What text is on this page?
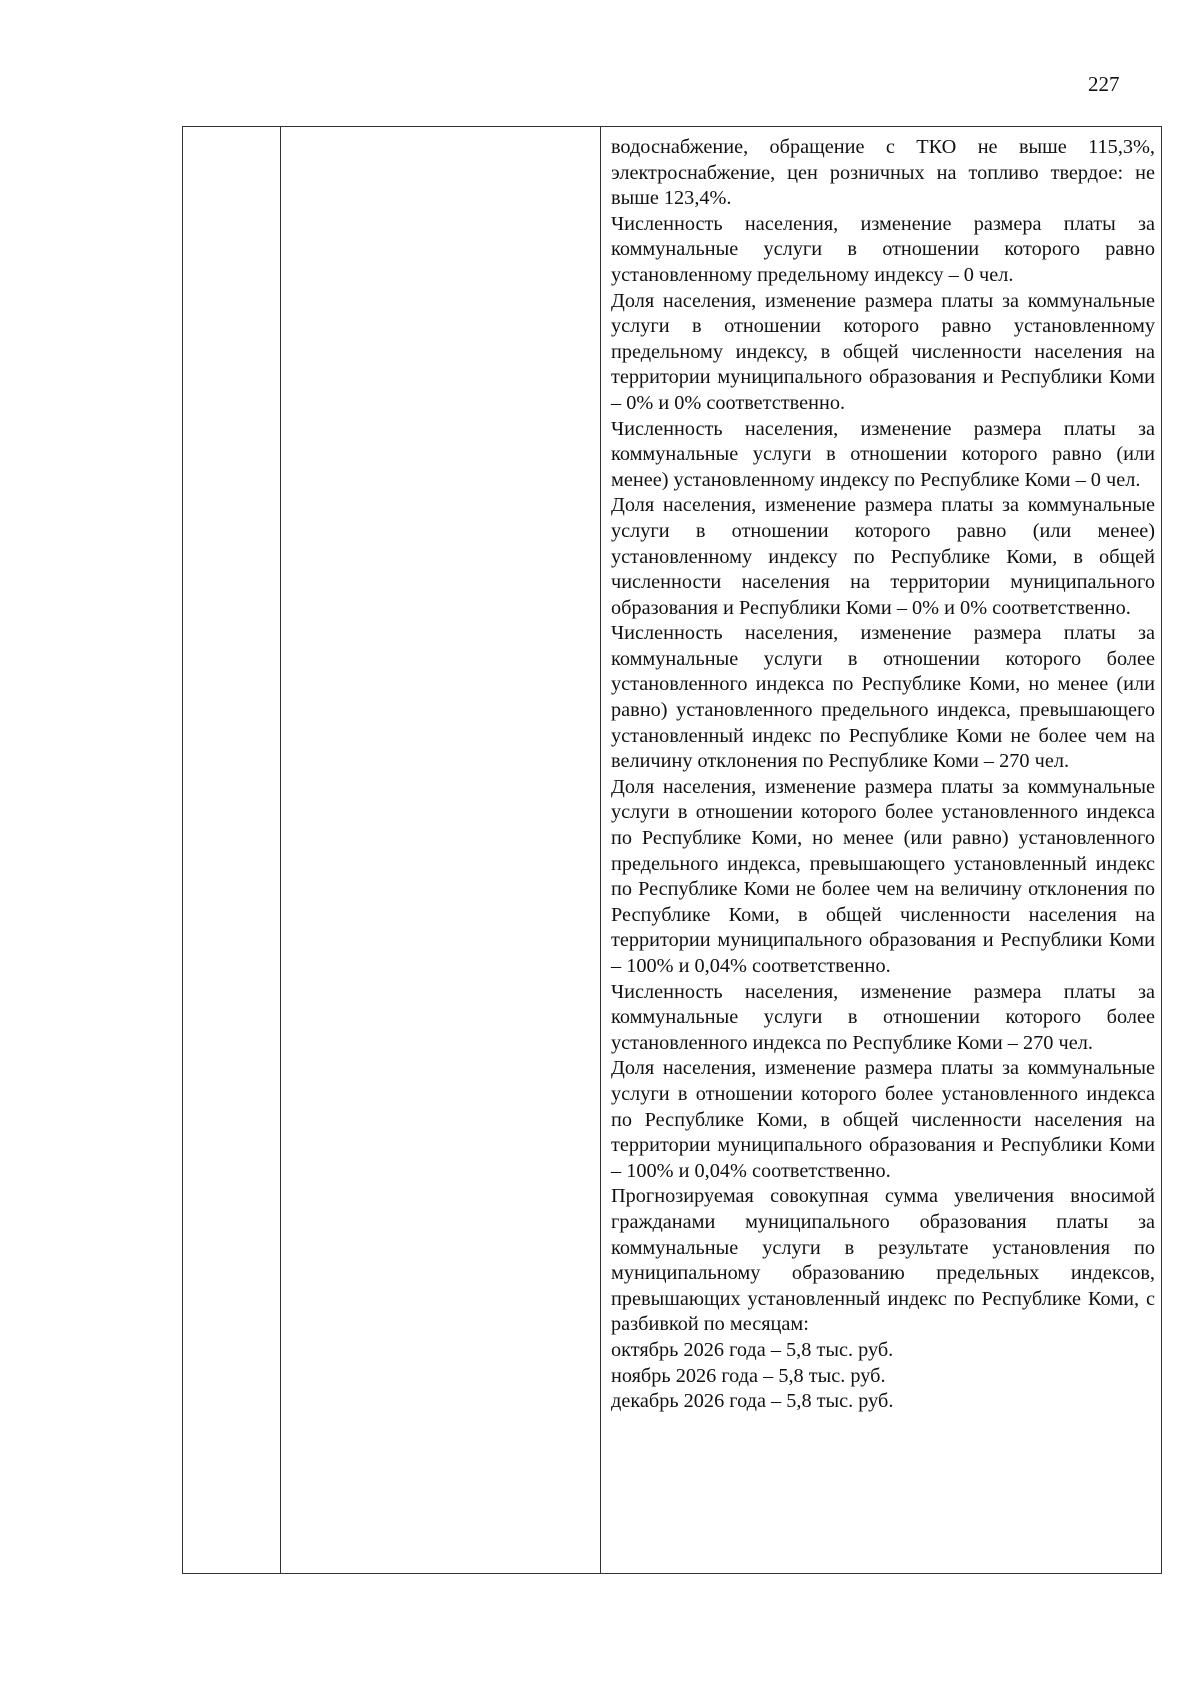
227

водоснабжение, обращение с ТКО не выше 115,3%, электроснабжение, цен розничных на топливо твердое: не выше 123,4%.

Численность населения, изменение размера платы за коммунальные услуги в отношении которого равно установленному предельному индексу – 0 чел.

Доля населения, изменение размера платы за коммунальные услуги в отношении которого равно установленному предельному индексу, в общей численности населения на территории муниципального образования и Республики Коми – 0% и 0% соответственно.

Численность населения, изменение размера платы за коммунальные услуги в отношении которого равно (или менее) установленному индексу по Республике Коми – 0 чел.

Доля населения, изменение размера платы за коммунальные услуги в отношении которого равно (или менее) установленному индексу по Республике Коми, в общей численности населения на территории муниципального образования и Республики Коми – 0% и 0% соответственно.

Численность населения, изменение размера платы за коммунальные услуги в отношении которого более установленного индекса по Республике Коми, но менее (или равно) установленного предельного индекса, превышающего установленный индекс по Республике Коми не более чем на величину отклонения по Республике Коми – 270 чел.

Доля населения, изменение размера платы за коммунальные услуги в отношении которого более установленного индекса по Республике Коми, но менее (или равно) установленного предельного индекса, превышающего установленный индекс по Республике Коми не более чем на величину отклонения по Республике Коми, в общей численности населения на территории муниципального образования и Республики Коми – 100% и 0,04% соответственно.

Численность населения, изменение размера платы за коммунальные услуги в отношении которого более установленного индекса по Республике Коми – 270 чел.

Доля населения, изменение размера платы за коммунальные услуги в отношении которого более установленного индекса по Республике Коми, в общей численности населения на территории муниципального образования и Республики Коми – 100% и 0,04% соответственно.

Прогнозируемая совокупная сумма увеличения вносимой гражданами муниципального образования платы за коммунальные услуги в результате установления по муниципальному образованию предельных индексов, превышающих установленный индекс по Республике Коми, с разбивкой по месяцам:

октябрь 2026 года – 5,8 тыс. руб.

ноябрь 2026 года – 5,8 тыс. руб.

декабрь 2026 года – 5,8 тыс. руб.
